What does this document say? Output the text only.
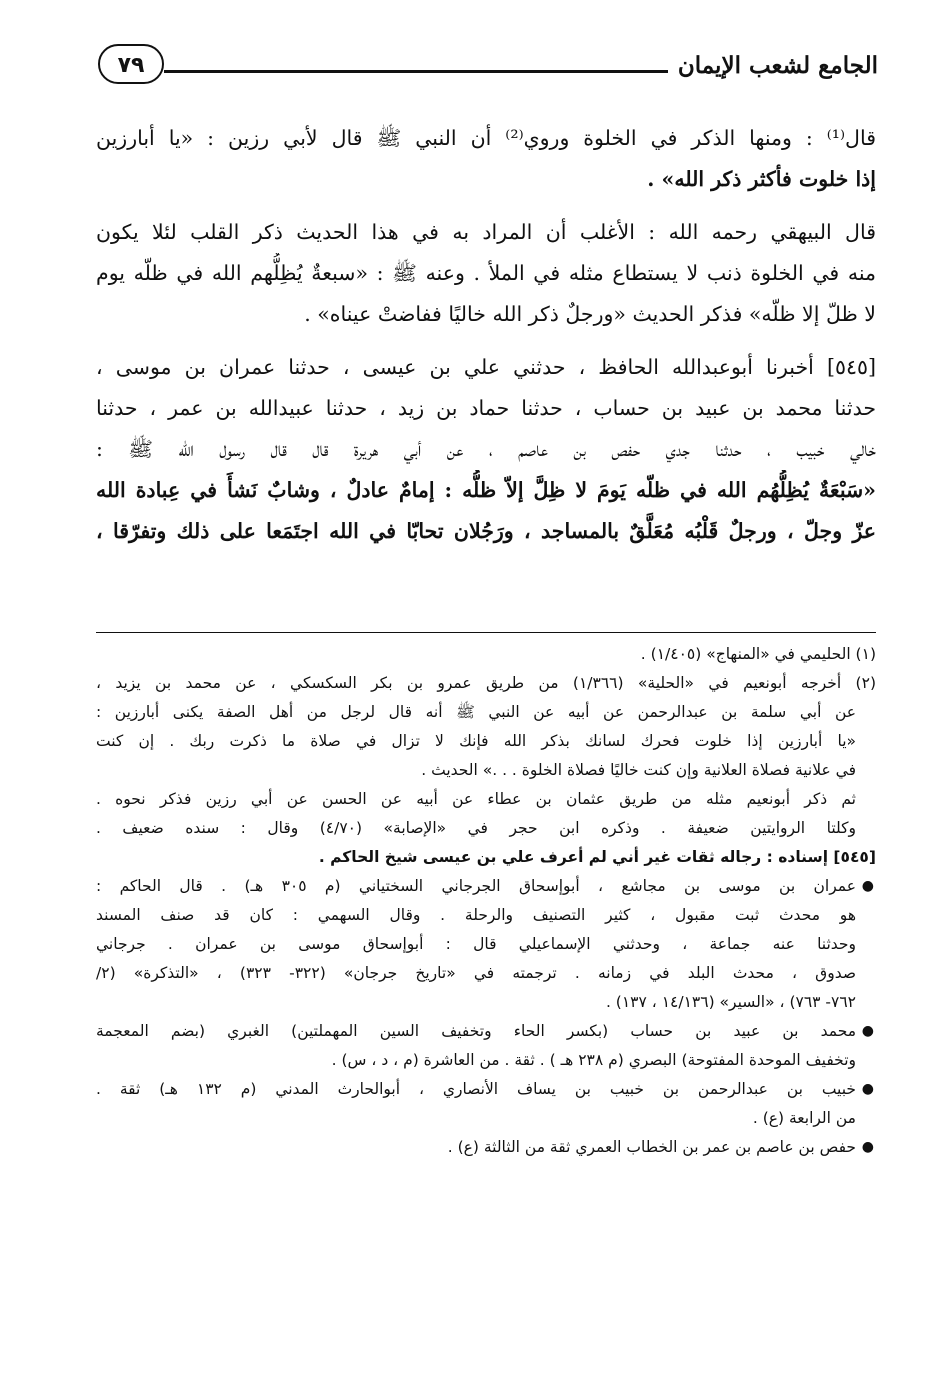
الجامع لشعب الإيمان
٧٩
قال⁽¹⁾ : ومنها الذكر في الخلوة وروي⁽²⁾ أن النبي ﷺ قال لأبي رزين : «يا أبارزين
إذا خلوت فأكثر ذكر الله» .
قال البيهقي رحمه الله : الأغلب أن المراد به في هذا الحديث ذكر القلب لئلا يكون
منه في الخلوة ذنب لا يستطاع مثله في الملأ . وعنه ﷺ : «سبعةٌ يُظِلُّهم الله في ظلّه يوم
لا ظلّ إلا ظلّه» فذكر الحديث «ورجلٌ ذكر الله خاليًا ففاضتْ عيناه» .
[٥٤٥] أخبرنا أبوعبدالله الحافظ ، حدثني علي بن عيسى ، حدثنا عمران بن موسى ،
حدثنا محمد بن عبيد بن حساب ، حدثنا حماد بن زيد ، حدثنا عبيدالله بن عمر ، حدثنا
خالي خبيب ، حدثنا جدي حفص بن عاصم ، عن أبي هريرة قال قال رسول الله ﷺ :
«سَبْعَةٌ يُظِلُّهُم الله في ظلّه يَومَ لا ظِلَّ إلاّ ظلُّه : إمامٌ عادلٌ ، وشابٌ نَشأَ في عِبادة الله
عزّ وجلّ ، ورجلٌ قَلْبُه مُعَلَّقٌ بالمساجد ، ورَجُلان تحابّا في الله اجتَمَعا على ذلك وتفرّقا ،
(١) الحليمي في «المنهاج» (١/٤٠٥) .
(٢) أخرجه أبونعيم في «الحلية» (١/٣٦٦) من طريق عمرو بن بكر السكسكي ، عن محمد بن يزيد ،
عن أبي سلمة بن عبدالرحمن عن أبيه عن النبي ﷺ أنه قال لرجل من أهل الصفة يكنى أبارزين :
«يا أبارزين إذا خلوت فحرك لسانك بذكر الله فإنك لا تزال في صلاة ما ذكرت ربك . إن كنت
في علانية فصلاة العلانية وإن كنت خاليًا فصلاة الخلوة . . .» الحديث .
ثم ذكر أبونعيم مثله من طريق عثمان بن عطاء عن أبيه عن الحسن عن أبي رزين فذكر نحوه .
وكلتا الروايتين ضعيفة . وذكره ابن حجر في «الإصابة» (٤/٧٠) وقال : سنده ضعيف .
[٥٤٥] إسناده : رجاله ثقات غير أني لم أعرف علي بن عيسى شيخ الحاكم .
●
عمران بن موسى بن مجاشع ، أبوإسحاق الجرجاني السختياني (م ٣٠٥ هـ) . قال الحاكم :
هو محدث ثبت مقبول ، كثير التصنيف والرحلة . وقال السهمي : كان قد صنف المسند
وحدثنا عنه جماعة ، وحدثني الإسماعيلي قال : أبوإسحاق موسى بن عمران . جرجاني
صدوق ، محدث البلد في زمانه . ترجمته في «تاريخ جرجان» (٣٢٢- ٣٢٣) ، «التذكرة» (٢/
٧٦٢- ٧٦٣) ، «السير» (١٤/١٣٦ ، ١٣٧) .
●
محمد بن عبيد بن حساب (بكسر الحاء وتخفيف السين المهملتين) الغبري (بضم المعجمة
وتخفيف الموحدة المفتوحة) البصري (م ٢٣٨ هـ ) . ثقة . من العاشرة (م ، د ، س) .
●
خبيب بن عبدالرحمن بن خبيب بن يساف الأنصاري ، أبوالحارث المدني (م ١٣٢ هـ) ثقة .
من الرابعة (ع) .
●
حفص بن عاصم بن عمر بن الخطاب العمري ثقة من الثالثة (ع) .
